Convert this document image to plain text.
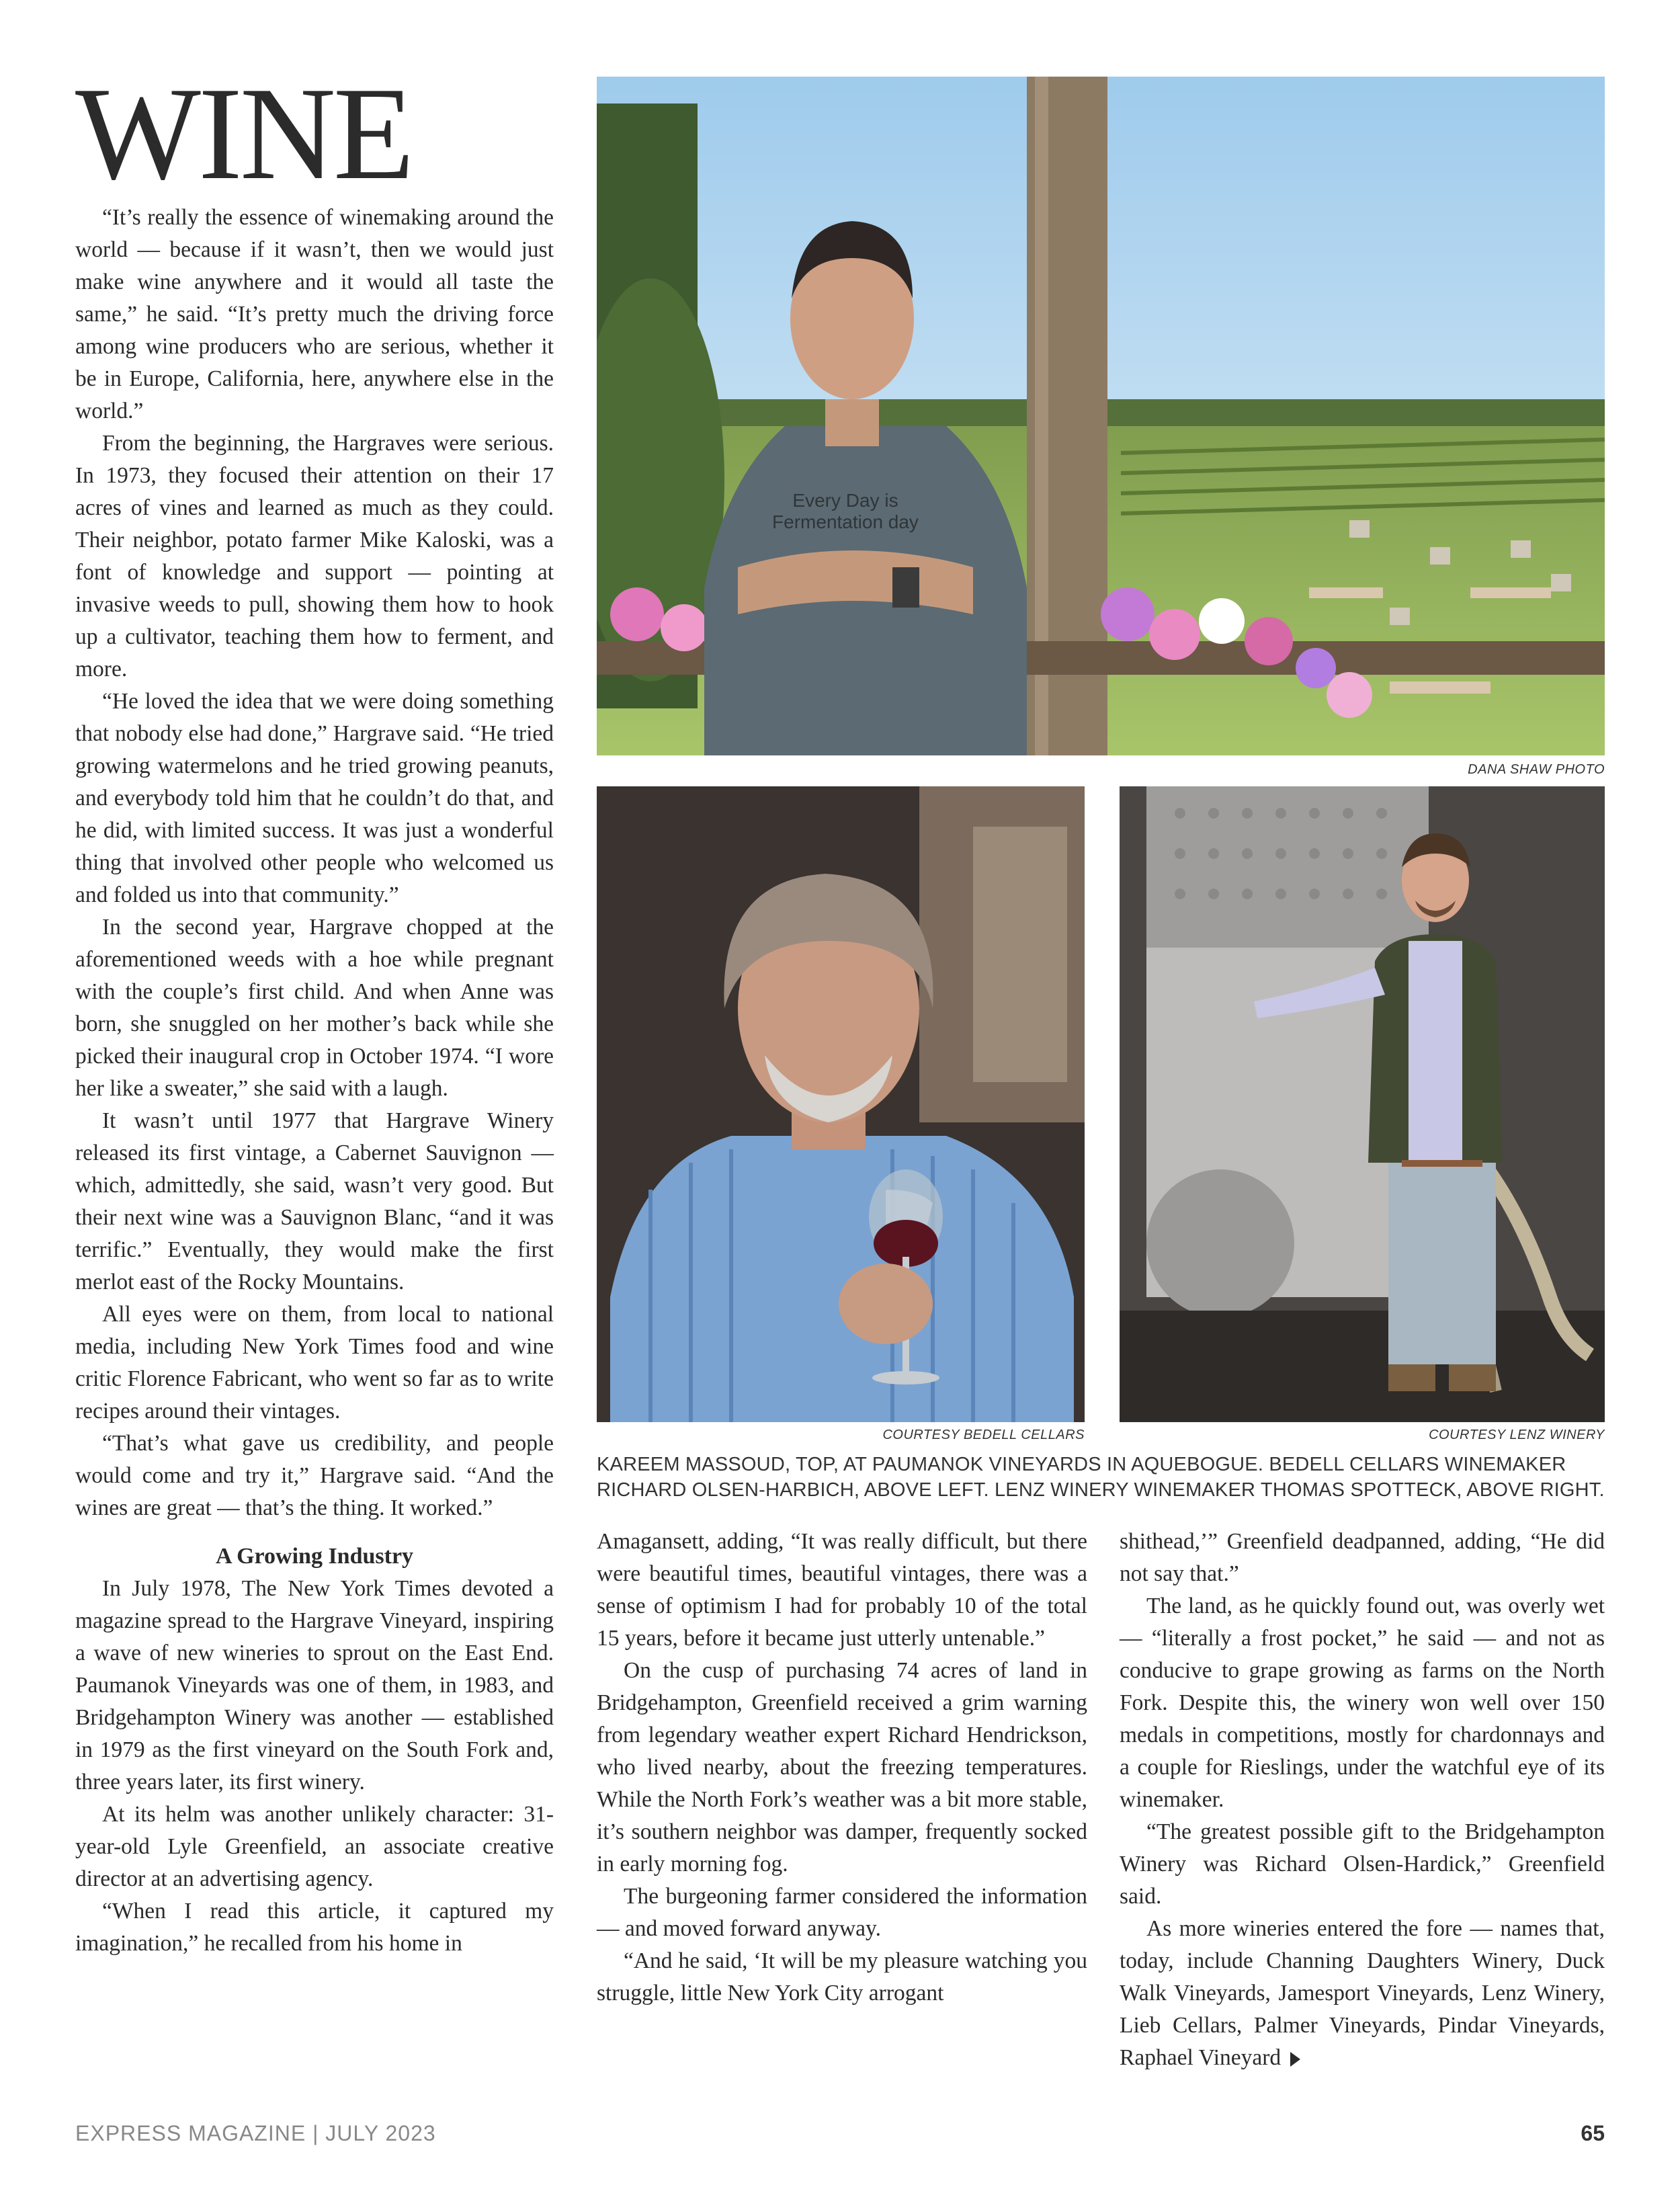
WINE

“It’s really the essence of winemaking around the world — because if it wasn’t, then we would just make wine anywhere and it would all taste the same,” he said. “It’s pretty much the driving force among wine producers who are serious, whether it be in Europe, California, here, anywhere else in the world.”

From the beginning, the Hargraves were serious. In 1973, they focused their attention on their 17 acres of vines and learned as much as they could. Their neighbor, potato farmer Mike Kaloski, was a font of knowledge and support — pointing at invasive weeds to pull, showing them how to hook up a cultivator, teaching them how to ferment, and more.

“He loved the idea that we were doing something that nobody else had done,” Hargrave said. “He tried growing watermelons and he tried growing peanuts, and everybody told him that he couldn’t do that, and he did, with limited success. It was just a wonderful thing that involved other people who welcomed us and folded us into that community.”

In the second year, Hargrave chopped at the aforementioned weeds with a hoe while pregnant with the couple’s first child. And when Anne was born, she snuggled on her mother’s back while she picked their inaugural crop in October 1974. “I wore her like a sweater,” she said with a laugh.

It wasn’t until 1977 that Hargrave Winery released its first vintage, a Cabernet Sauvignon — which, admittedly, she said, wasn’t very good. But their next wine was a Sauvignon Blanc, “and it was terrific.” Eventually, they would make the first merlot east of the Rocky Mountains.

All eyes were on them, from local to national media, including New York Times food and wine critic Florence Fabricant, who went so far as to write recipes around their vintages.

“That’s what gave us credibility, and people would come and try it,” Hargrave said. “And the wines are great — that’s the thing. It worked.”

A Growing Industry

In July 1978, The New York Times devoted a magazine spread to the Hargrave Vineyard, inspiring a wave of new wineries to sprout on the East End. Paumanok Vineyards was one of them, in 1983, and Bridgehampton Winery was another — established in 1979 as the first vineyard on the South Fork and, three years later, its first winery.

At its helm was another unlikely character: 31-year-old Lyle Greenfield, an associate creative director at an advertising agency.

“When I read this article, it captured my imagination,” he recalled from his home in

Every Day is
Fermentation day
DANA SHAW PHOTO
COURTESY BEDELL CELLARS	COURTESY LENZ WINERY
KAREEM MASSOUD, TOP, AT PAUMANOK VINEYARDS IN AQUEBOGUE. BEDELL CELLARS WINEMAKER RICHARD OLSEN-HARBICH, ABOVE LEFT. LENZ WINERY WINEMAKER THOMAS SPOTTECK, ABOVE RIGHT.

Amagansett, adding, “It was really difficult, but there were beautiful times, beautiful vintages, there was a sense of optimism I had for probably 10 of the total 15 years, before it became just utterly untenable.”

On the cusp of purchasing 74 acres of land in Bridgehampton, Greenfield received a grim warning from legendary weather expert Richard Hendrickson, who lived nearby, about the freezing temperatures. While the North Fork’s weather was a bit more stable, it’s southern neighbor was damper, frequently socked in early morning fog.

The burgeoning farmer considered the information — and moved forward anyway.

“And he said, ‘It will be my pleasure watching you struggle, little New York City arrogant

shithead,’” Greenfield deadpanned, adding, “He did not say that.”

The land, as he quickly found out, was overly wet — “literally a frost pocket,” he said — and not as conducive to grape growing as farms on the North Fork. Despite this, the winery won well over 150 medals in competitions, mostly for chardonnays and a couple for Rieslings, under the watchful eye of its winemaker.

“The greatest possible gift to the Bridgehampton Winery was Richard Olsen-Hardick,” Greenfield said.

As more wineries entered the fore — names that, today, include Channing Daughters Winery, Duck Walk Vineyards, Jamesport Vineyards, Lenz Winery, Lieb Cellars, Palmer Vineyards, Pindar Vineyards, Raphael Vineyard

EXPRESS MAGAZINE | JULY 2023	65
